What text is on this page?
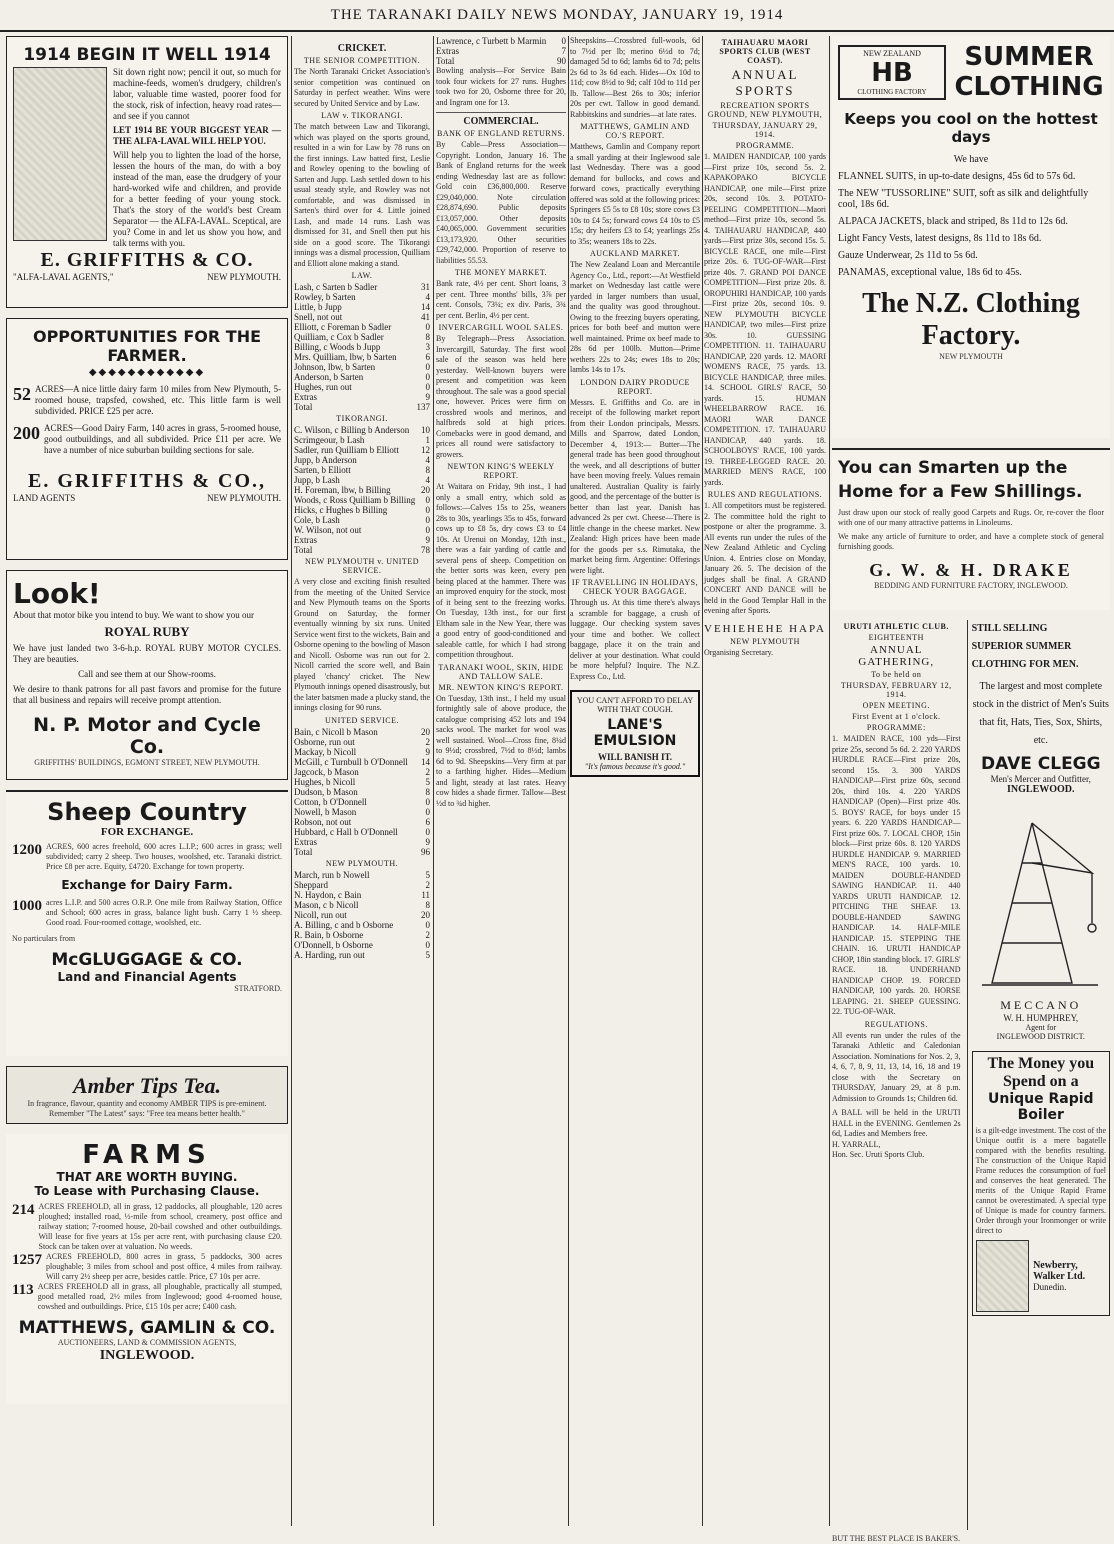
THE TARANAKI DAILY NEWS MONDAY, JANUARY 19, 1914
1914 BEGIN IT WELL 1914
Sit down right now; pencil it out, so much for machine-feeds, women's drudgery, children's labor, valuable time wasted, poorer food for the stock, risk of infection, heavy road rates—and see if you cannot
LET 1914 BE YOUR BIGGEST YEAR — THE ALFA-LAVAL WILL HELP YOU.
Will help you to lighten the load of the horse, lessen the hours of the man, do with a boy instead of the man, ease the drudgery of your hard-worked wife and children, and provide for a better feeding of your young stock. That's the story of the world's best Cream Separator — the ALFA-LAVAL. Sceptical, are you? Come in and let us show you how, and talk terms with you.
E. GRIFFITHS & CO.
"ALFA-LAVAL AGENTS,"	NEW PLYMOUTH.
OPPORTUNITIES FOR THE FARMER.
◆◆◆◆◆◆◆◆◆◆◆◆
52 ACRES—A nice little dairy farm 10 miles from New Plymouth, 5-roomed house, trapsfed, cowshed, etc. This little farm is well subdivided. PRICE £25 per acre.
200 ACRES—Good Dairy Farm, 140 acres in grass, 5-roomed house, good outbuildings, and all subdivided. Price £11 per acre. We have a number of nice suburban building sections for sale.
E. GRIFFITHS & CO.,
LAND AGENTS	NEW PLYMOUTH.
Look!
About that motor bike you intend to buy. We want to show you our
ROYAL RUBY
We have just landed two 3-6-h.p. ROYAL RUBY MOTOR CYCLES. They are beauties.
Call and see them at our Show-rooms.
We desire to thank patrons for all past favors and promise for the future that all business and repairs will receive prompt attention.
N. P. Motor and Cycle Co.
GRIFFITHS' BUILDINGS, EGMONT STREET, NEW PLYMOUTH.
Sheep Country
FOR EXCHANGE.
1200 ACRES, 600 acres freehold, 600 acres L.I.P.; 600 acres in grass; well subdivided; carry 2 sheep. Two houses, woolshed, etc. Taranaki district. Price £8 per acre. Equity, £4720. Exchange for town property.
Exchange for Dairy Farm.
1000 acres L.I.P. and 500 acres O.R.P. One mile from Railway Station, Office and School; 600 acres in grass, balance light bush. Carry 1 ½ sheep. Good road. Four-roomed cottage, woolshed, etc.
No particulars from
McGLUGGAGE & CO.
Land and Financial Agents
STRATFORD.
Amber Tips Tea.
In fragrance, flavour, quantity and economy AMBER TIPS is pre-eminent. Remember "The Latest" says: "Free tea means better health."
FARMS
THAT ARE WORTH BUYING.
To Lease with Purchasing Clause.
214 ACRES FREEHOLD, all in grass, 12 paddocks, all ploughable, 120 acres ploughed; installed road, ½-mile from school, creamery, post office and railway station; 7-roomed house, 20-bail cowshed and other outbuildings. Will lease for five years at 15s per acre rent, with purchasing clause £20. Stock can be taken over at valuation. No weeds.
1257 ACRES FREEHOLD, 800 acres in grass, 5 paddocks, 300 acres ploughable; 3 miles from school and post office, 4 miles from railway. Will carry 2½ sheep per acre, besides cattle. Price, £7 10s per acre.
113 ACRES FREEHOLD all in grass, all ploughable, practically all stumped, good metalled road, 2½ miles from Inglewood; good 4-roomed house, cowshed and outbuildings. Price, £15 10s per acre; £400 cash.
MATTHEWS, GAMLIN & CO.
AUCTIONEERS, LAND & COMMISSION AGENTS,
INGLEWOOD.
CRICKET.
THE SENIOR COMPETITION.
The North Taranaki Cricket Association's senior competition was continued on Saturday in perfect weather. Wins were secured by United Service and by Law.
LAW v. TIKORANGI.
The match between Law and Tikorangi, which was played on the sports ground, resulted in a win for Law by 78 runs on the first innings. Law batted first, Leslie and Rowley opening to the bowling of Sarten and Jupp. Lash settled down to his usual steady style, and Rowley was not comfortable, and was dismissed in Sarten's third over for 4. Little joined Lash, and made 14 runs. Lash was dismissed for 31, and Snell then put his side on a good score. The Tikorangi innings was a dismal procession, Quilliam and Elliott alone making a stand.
LAW.
Lash, c Sarten b Sadler	31
Rowley, b Sarten	4
Little, b Jupp	14
Snell, not out	41
Elliott, c Foreman b Sadler	0
Quilliam, c Cox b Sadler	8
Billing, c Woods b Jupp	3
Mrs. Quilliam, lbw, b Sarten	6
Johnson, lbw, b Sarten	0
Anderson, b Sarten	0
Hughes, run out	0
Extras	9
Total	137
TIKORANGI.
C. Wilson, c Billing b Anderson 10
Scrimgeour, b Lash	1
Sadler, run Quilliam b Elliott 12
Jupp, b Anderson	4
Sarten, b Elliott	8
Jupp, b Lash	4
H. Foreman, lbw, b Billing	20
Woods, c Ross Quilliam b Billing 0
Hicks, c Hughes b Billing	0
Cole, b Lash	0
W. Wilson, not out	0
Extras	9
Total	78
NEW PLYMOUTH v. UNITED SERVICE.
A very close and exciting finish resulted from the meeting of the United Service and New Plymouth teams on the Sports Ground on Saturday, the former eventually winning by six runs. United Service went first to the wickets, Bain and Osborne opening to the bowling of Mason and Nicoll. Osborne was run out for 2. Nicoll carried the score well, and Bain played 'chancy' cricket. The New Plymouth innings opened disastrously, but the later batsmen made a plucky stand, the innings closing for 90 runs.
UNITED SERVICE.
Bain, c Nicoll b Mason	20
Osborne, run out	2
Mackay, b Nicoll	9
McGill, c Turnbull b O'Donnell 14
Jagcock, b Mason	2
Hughes, b Nicoll	5
Dudson, b Mason	8
Cotton, b O'Donnell	0
Nowell, b Mason	0
Robson, not out	6
Hubbard, c Hall b O'Donnell	0
Extras	9
Total	96
NEW PLYMOUTH.
March, run b Nowell	5
Sheppard	2
N. Haydon, c Bain	11
Mason, c b Nicoll	8
Nicoll, run out	20
A. Billing, c and b Osborne	0
R. Bain, b Osborne	2
O'Donnell, b Osborne	0
A. Harding, run out	5
Lawrence, c Turbett b Marmin 0
Extras	7
Total	90
Bowling analysis—For Service Bain took four wickets for 27 runs. Hughes took two for 20, Osborne three for 20, and Ingram one for 13.
COMMERCIAL.
BANK OF ENGLAND RETURNS.
By Cable—Press Association—Copyright. London, January 16. The Bank of England returns for the week ending Wednesday last are as follow: Gold coin £36,800,000. Reserve £29,040,000. Note circulation £28,874,690. Public deposits £13,057,000. Other deposits £40,065,000. Government securities £13,173,920. Other securities £29,742,000. Proportion of reserve to liabilities 55.53.
THE MONEY MARKET.
Bank rate, 4½ per cent. Short loans, 3 per cent. Three months' bills, 3⅞ per cent. Consols, 73¼; ex div. Paris, 3¾ per cent. Berlin, 4½ per cent.
INVERCARGILL WOOL SALES.
By Telegraph—Press Association. Invercargill, Saturday. The first wool sale of the season was held here yesterday. Well-known buyers were present and competition was keen throughout. The sale was a good special one, however. Prices were firm on crossbred wools and merinos, and halfbreds sold at high prices. Comebacks were in good demand, and prices all round were satisfactory to growers.
NEWTON KING'S WEEKLY REPORT.
At Waitara on Friday, 9th inst., I had only a small entry, which sold as follows:—Calves 15s to 25s, weaners 28s to 30s, yearlings 35s to 45s, forward cows up to £8 5s, dry cows £3 to £4 10s. At Urenui on Monday, 12th inst., there was a fair yarding of cattle and several pens of sheep. Competition on the better sorts was keen, every pen being placed at the hammer. There was an improved enquiry for the stock, most of it being sent to the freezing works. On Tuesday, 13th inst., for our first Eltham sale in the New Year, there was a good entry of good-conditioned and saleable cattle, for which I had strong competition throughout.
TARANAKI WOOL, SKIN, HIDE AND TALLOW SALE.
MR. NEWTON KING'S REPORT.
On Tuesday, 13th inst., I held my usual fortnightly sale of above produce, the catalogue comprising 452 lots and 194 sacks wool. The market for wool was well sustained. Wool—Cross fine, 8¼d to 9½d; crossbred, 7½d to 8½d; lambs 6d to 9d. Sheepskins—Very firm at par to a farthing higher. Hides—Medium and light, steady at last rates. Heavy cow hides a shade firmer. Tallow—Best ½d to ¾d higher.
Sheepskins—Crossbred full-wools, 6d to 7½d per lb; merino 6½d to 7d; damaged 5d to 6d; lambs 6d to 7d; pelts 2s 6d to 3s 6d each. Hides—Ox 10d to 11d; cow 8½d to 9d; calf 10d to 11d per lb. Tallow—Best 26s to 30s; inferior 20s per cwt. Tallow in good demand. Rabbitskins and sundries—at late rates.
MATTHEWS, GAMLIN AND CO.'S REPORT.
Matthews, Gamlin and Company report a small yarding at their Inglewood sale last Wednesday. There was a good demand for bullocks, and cows and forward cows, practically everything offered was sold at the following prices: Springers £5 5s to £8 10s; store cows £3 10s to £4 5s; forward cows £4 10s to £5 15s; dry heifers £3 to £4; yearlings 25s to 35s; weaners 18s to 22s.
AUCKLAND MARKET.
The New Zealand Loan and Mercantile Agency Co., Ltd., report:—At Westfield market on Wednesday last cattle were yarded in larger numbers than usual, and the quality was good throughout. Owing to the freezing buyers operating, prices for both beef and mutton were well maintained. Prime ox beef made to 28s 6d per 100lb. Mutton—Prime wethers 22s to 24s; ewes 18s to 20s; lambs 14s to 17s.
LONDON DAIRY PRODUCE REPORT.
Messrs. E. Griffiths and Co. are in receipt of the following market report from their London principals, Messrs. Mills and Sparrow, dated London, December 4, 1913:— Butter—The general trade has been good throughout the week, and all descriptions of butter have been moving freely. Values remain unaltered. Australian Quality is fairly good, and the percentage of the butter is better than last year. Danish has advanced 2s per cwt. Cheese—There is little change in the cheese market. New Zealand: High prices have been made for the goods per s.s. Rimutaka, the market being firm. Argentine: Offerings were light.
IF TRAVELLING IN HOLIDAYS, CHECK YOUR BAGGAGE.
Through us. At this time there's always a scramble for baggage, a crush of luggage. Our checking system saves your time and bother. We collect baggage, place it on the train and deliver at your destination. What could be more helpful? Inquire. The N.Z. Express Co., Ltd.
YOU CAN'T AFFORD TO DELAY WITH THAT COUGH.
LANE'S EMULSION
WILL BANISH IT.
"It's famous because it's good."
TAIHAUARU MAORI SPORTS CLUB (WEST COAST).
ANNUAL SPORTS
RECREATION SPORTS GROUND, NEW PLYMOUTH,
THURSDAY, JANUARY 29, 1914.
PROGRAMME.
1. MAIDEN HANDICAP, 100 yards—First prize 10s, second 5s. 2. KAPAKOPAKO BICYCLE HANDICAP, one mile—First prize 20s, second 10s. 3. POTATO-PEELING COMPETITION—Maori method—First prize 10s, second 5s. 4. TAIHAUARU HANDICAP, 440 yards—First prize 30s, second 15s. 5. BICYCLE RACE, one mile—First prize 20s. 6. TUG-OF-WAR—First prize 40s. 7. GRAND POI DANCE COMPETITION—First prize 20s. 8. OROPUHIRI HANDICAP, 100 yards—First prize 20s, second 10s. 9. NEW PLYMOUTH BICYCLE HANDICAP, two miles—First prize 30s. 10. GUESSING COMPETITION. 11. TAIHAUARU HANDICAP, 220 yards. 12. MAORI WOMEN'S RACE, 75 yards. 13. BICYCLE HANDICAP, three miles. 14. SCHOOL GIRLS' RACE, 50 yards. 15. HUMAN WHEELBARROW RACE. 16. MAORI WAR DANCE COMPETITION. 17. TAIHAUARU HANDICAP, 440 yards. 18. SCHOOLBOYS' RACE, 100 yards. 19. THREE-LEGGED RACE. 20. MARRIED MEN'S RACE, 100 yards.
RULES AND REGULATIONS.
1. All competitors must be registered. 2. The committee hold the right to postpone or alter the programme. 3. All events run under the rules of the New Zealand Athletic and Cycling Union. 4. Entries close on Monday, January 26. 5. The decision of the judges shall be final. A GRAND CONCERT AND DANCE will be held in the Good Templar Hall in the evening after Sports.
VEHIEHEHE HAPA
NEW PLYMOUTH
Organising Secretary.
NEW ZEALAND
HB
CLOTHING FACTORY
SUMMER CLOTHING
Keeps you cool on the hottest days
We have
FLANNEL SUITS, in up-to-date designs, 45s 6d to 57s 6d.
The NEW "TUSSORLINE" SUIT, soft as silk and delightfully cool, 18s 6d.
ALPACA JACKETS, black and striped, 8s 11d to 12s 6d.
Light Fancy Vests, latest designs, 8s 11d to 18s 6d.
Gauze Underwear, 2s 11d to 5s 6d.
PANAMAS, exceptional value, 18s 6d to 45s.
The N.Z. Clothing Factory.
NEW PLYMOUTH
You can Smarten up the Home for a Few Shillings.
Just draw upon our stock of really good Carpets and Rugs. Or, re-cover the floor with one of our many attractive patterns in Linoleums.
We make any article of furniture to order, and have a complete stock of general furnishing goods.
G. W. & H. DRAKE
BEDDING AND FURNITURE FACTORY, INGLEWOOD.
URUTI ATHLETIC CLUB.
EIGHTEENTH
ANNUAL GATHERING,
To be held on
THURSDAY, FEBRUARY 12, 1914.
OPEN MEETING.
First Event at 1 o'clock.
PROGRAMME:
1. MAIDEN RACE, 100 yds—First prize 25s, second 5s 6d. 2. 220 YARDS HURDLE RACE—First prize 20s, second 15s. 3. 300 YARDS HANDICAP—First prize 60s, second 20s, third 10s. 4. 220 YARDS HANDICAP (Open)—First prize 40s. 5. BOYS' RACE, for boys under 15 years. 6. 220 YARDS HANDICAP—First prize 60s. 7. LOCAL CHOP, 15in block—First prize 60s. 8. 120 YARDS HURDLE HANDICAP. 9. MARRIED MEN'S RACE, 100 yards. 10. MAIDEN DOUBLE-HANDED SAWING HANDICAP. 11. 440 YARDS URUTI HANDICAP. 12. PITCHING THE SHEAF. 13. DOUBLE-HANDED SAWING HANDICAP. 14. HALF-MILE HANDICAP. 15. STEPPING THE CHAIN. 16. URUTI HANDICAP CHOP, 18in standing block. 17. GIRLS' RACE. 18. UNDERHAND HANDICAP CHOP. 19. FORCED HANDICAP, 100 yards. 20. HORSE LEAPING. 21. SHEEP GUESSING. 22. TUG-OF-WAR.
REGULATIONS.
All events run under the rules of the Taranaki Athletic and Caledonian Association. Nominations for Nos. 2, 3, 4, 6, 7, 8, 9, 11, 13, 14, 16, 18 and 19 close with the Secretary on THURSDAY, January 29, at 8 p.m. Admission to Grounds 1s; Children 6d.
A BALL will be held in the URUTI HALL in the EVENING. Gentlemen 2s 6d, Ladies and Members free.
H. YARRALL,
Hon. Sec. Uruti Sports Club.
STILL SELLING
SUPERIOR SUMMER
CLOTHING FOR MEN.
The largest and most complete stock in the district of Men's Suits that fit, Hats, Ties, Sox, Shirts, etc.
DAVE CLEGG
Men's Mercer and Outfitter,
INGLEWOOD.
MECCANO
W. H. HUMPHREY,
Agent for
INGLEWOOD DISTRICT.
The Money you Spend on a
Unique Rapid Boiler
is a gilt-edge investment. The cost of the Unique outfit is a mere bagatelle compared with the benefits resulting. The construction of the Unique Rapid Frame reduces the consumption of fuel and conserves the heat generated. The merits of the Unique Rapid Frame cannot be overestimated. A special type of Unique is made for country farmers. Order through your Ironmonger or write direct to
Newberry, Walker Ltd.
Dunedin.
BUT THE BEST PLACE IS BAKER'S.
